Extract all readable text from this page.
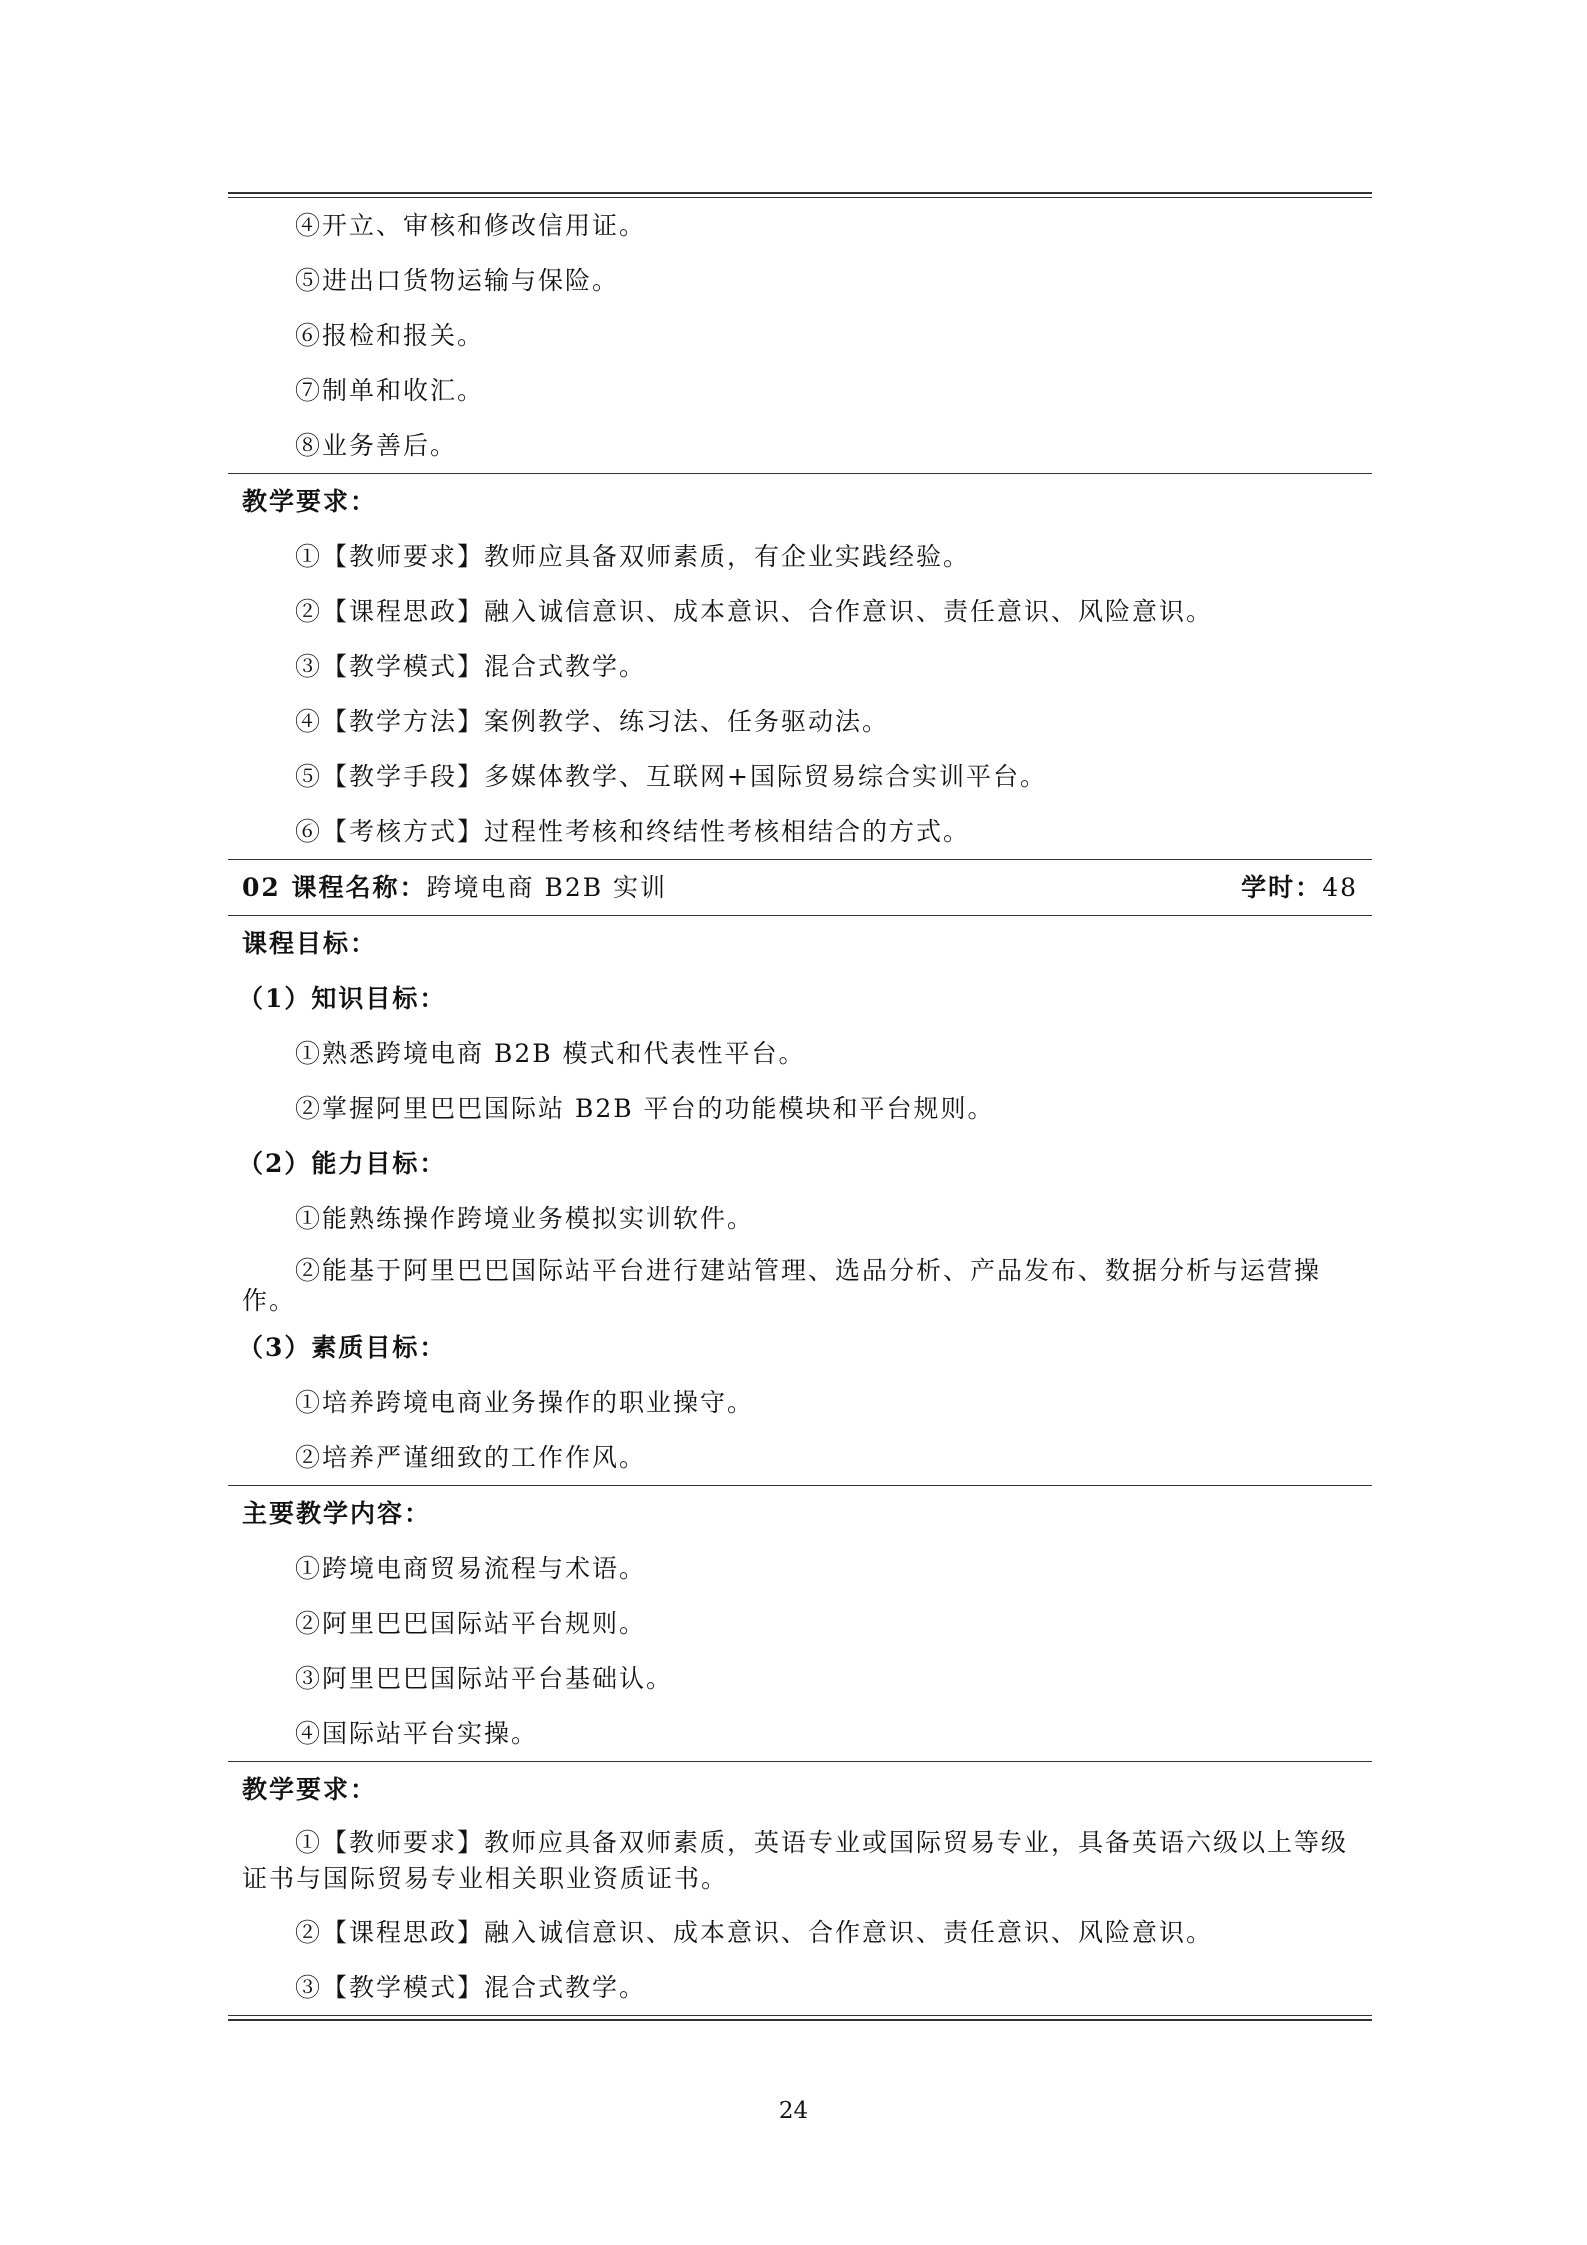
④开立、审核和修改信用证。
⑤进出口货物运输与保险。
⑥报检和报关。
⑦制单和收汇。
⑧业务善后。
教学要求：
①【教师要求】教师应具备双师素质，有企业实践经验。
②【课程思政】融入诚信意识、成本意识、合作意识、责任意识、风险意识。
③【教学模式】混合式教学。
④【教学方法】案例教学、练习法、任务驱动法。
⑤【教学手段】多媒体教学、互联网+国际贸易综合实训平台。
⑥【考核方式】过程性考核和终结性考核相结合的方式。
02 课程名称：跨境电商 B2B 实训	学时：48
课程目标：
（1）知识目标：
①熟悉跨境电商 B2B 模式和代表性平台。
②掌握阿里巴巴国际站 B2B 平台的功能模块和平台规则。
（2）能力目标：
①能熟练操作跨境业务模拟实训软件。
②能基于阿里巴巴国际站平台进行建站管理、选品分析、产品发布、数据分析与运营操作。
（3）素质目标：
①培养跨境电商业务操作的职业操守。
②培养严谨细致的工作作风。
主要教学内容：
①跨境电商贸易流程与术语。
②阿里巴巴国际站平台规则。
③阿里巴巴国际站平台基础认。
④国际站平台实操。
教学要求：
①【教师要求】教师应具备双师素质，英语专业或国际贸易专业，具备英语六级以上等级证书与国际贸易专业相关职业资质证书。
②【课程思政】融入诚信意识、成本意识、合作意识、责任意识、风险意识。
③【教学模式】混合式教学。
24
